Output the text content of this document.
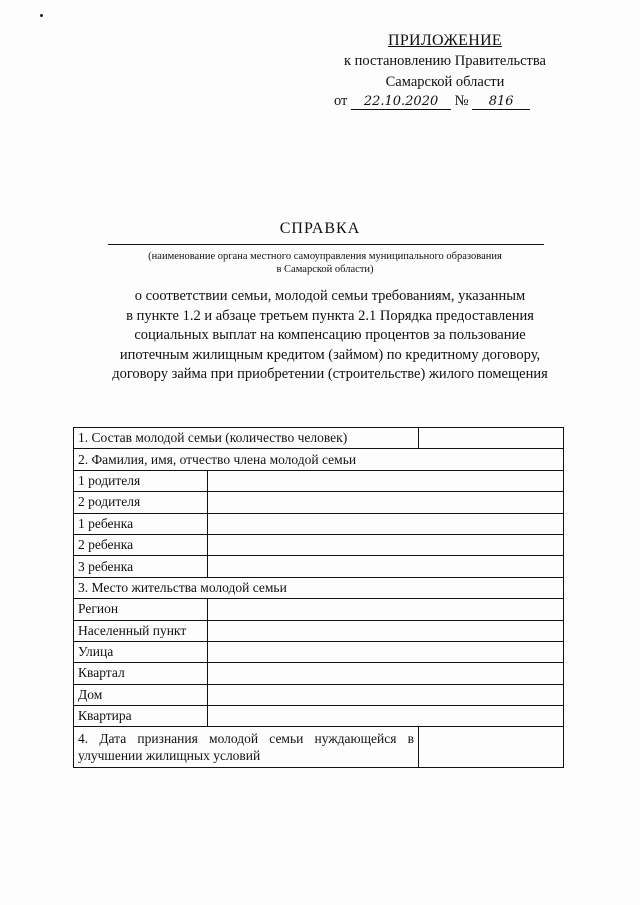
ПРИЛОЖЕНИЕ
к постановлению Правительства
Самарской области
от 22.10.2020 № 816
СПРАВКА
(наименование органа местного самоуправления муниципального образования
в Самарской области)
о соответствии семьи, молодой семьи требованиям, указанным
в пункте 1.2 и абзаце третьем пункта 2.1 Порядка предоставления
социальных выплат на компенсацию процентов за пользование
ипотечным жилищным кредитом (займом) по кредитному договору,
договору займа при приобретении (строительстве) жилого помещения
1. Состав молодой семьи (количество человек)		
2. Фамилия, имя, отчество члена молодой семьи		
1 родителя		
2 родителя		
1 ребенка		
2 ребенка		
3 ребенка		
3. Место жительства молодой семьи		
Регион		
Населенный пункт		
Улица		
Квартал		
Дом		
Квартира		
4. Дата признания молодой семьи нуждающейся в улучшении жилищных условий		
